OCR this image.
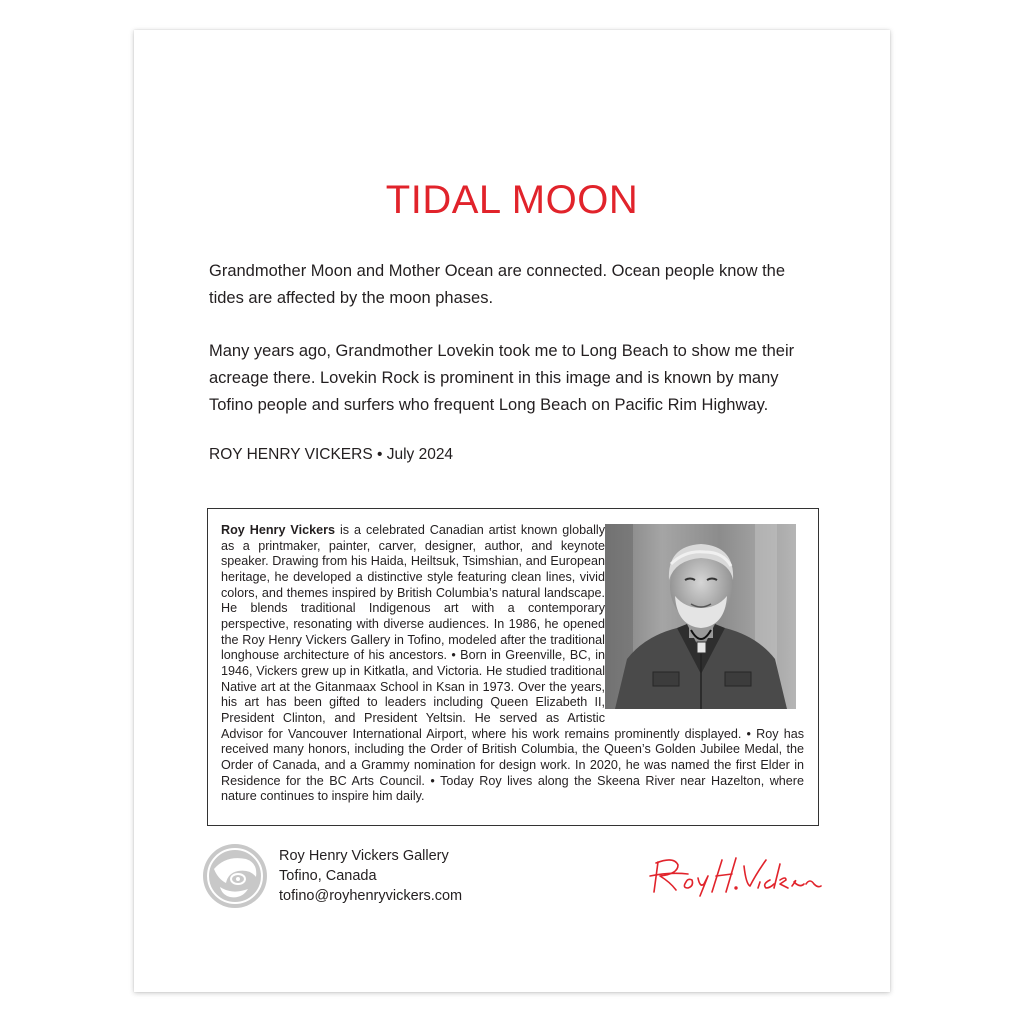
TIDAL MOON

Grandmother Moon and Mother Ocean are connected. Ocean people know the tides are affected by the moon phases.

Many years ago, Grandmother Lovekin took me to Long Beach to show me their acreage there. Lovekin Rock is prominent in this image and is known by many Tofino people and surfers who frequent Long Beach on Pacific Rim Highway.

ROY HENRY VICKERS • July 2024

Roy Henry Vickers is a celebrated Canadian artist known globally as a printmaker, painter, carver, designer, author, and keynote speaker. Drawing from his Haida, Heiltsuk, Tsimshian, and European heritage, he developed a distinctive style featuring clean lines, vivid colors, and themes inspired by British Columbia’s natural landscape. He blends traditional Indigenous art with a contemporary perspective, resonating with diverse audiences. In 1986, he opened the Roy Henry Vickers Gallery in Tofino, modeled after the traditional longhouse architecture of his ancestors. • Born in Greenville, BC, in 1946, Vickers grew up in Kitkatla, and Victoria. He studied traditional Native art at the Gitanmaax School in Ksan in 1973. Over the years, his art has been gifted to leaders including Queen Elizabeth II, President Clinton, and President Yeltsin. He served as Artistic Advisor for Vancouver International Airport, where his work remains prominently displayed. • Roy has received many honors, including the Order of British Columbia, the Queen’s Golden Jubilee Medal, the Order of Canada, and a Grammy nomination for design work. In 2020, he was named the first Elder in Residence for the BC Arts Council. • Today Roy lives along the Skeena River near Hazelton, where nature continues to inspire him daily.

Roy Henry Vickers Gallery
Tofino, Canada
tofino@royhenryvickers.com
